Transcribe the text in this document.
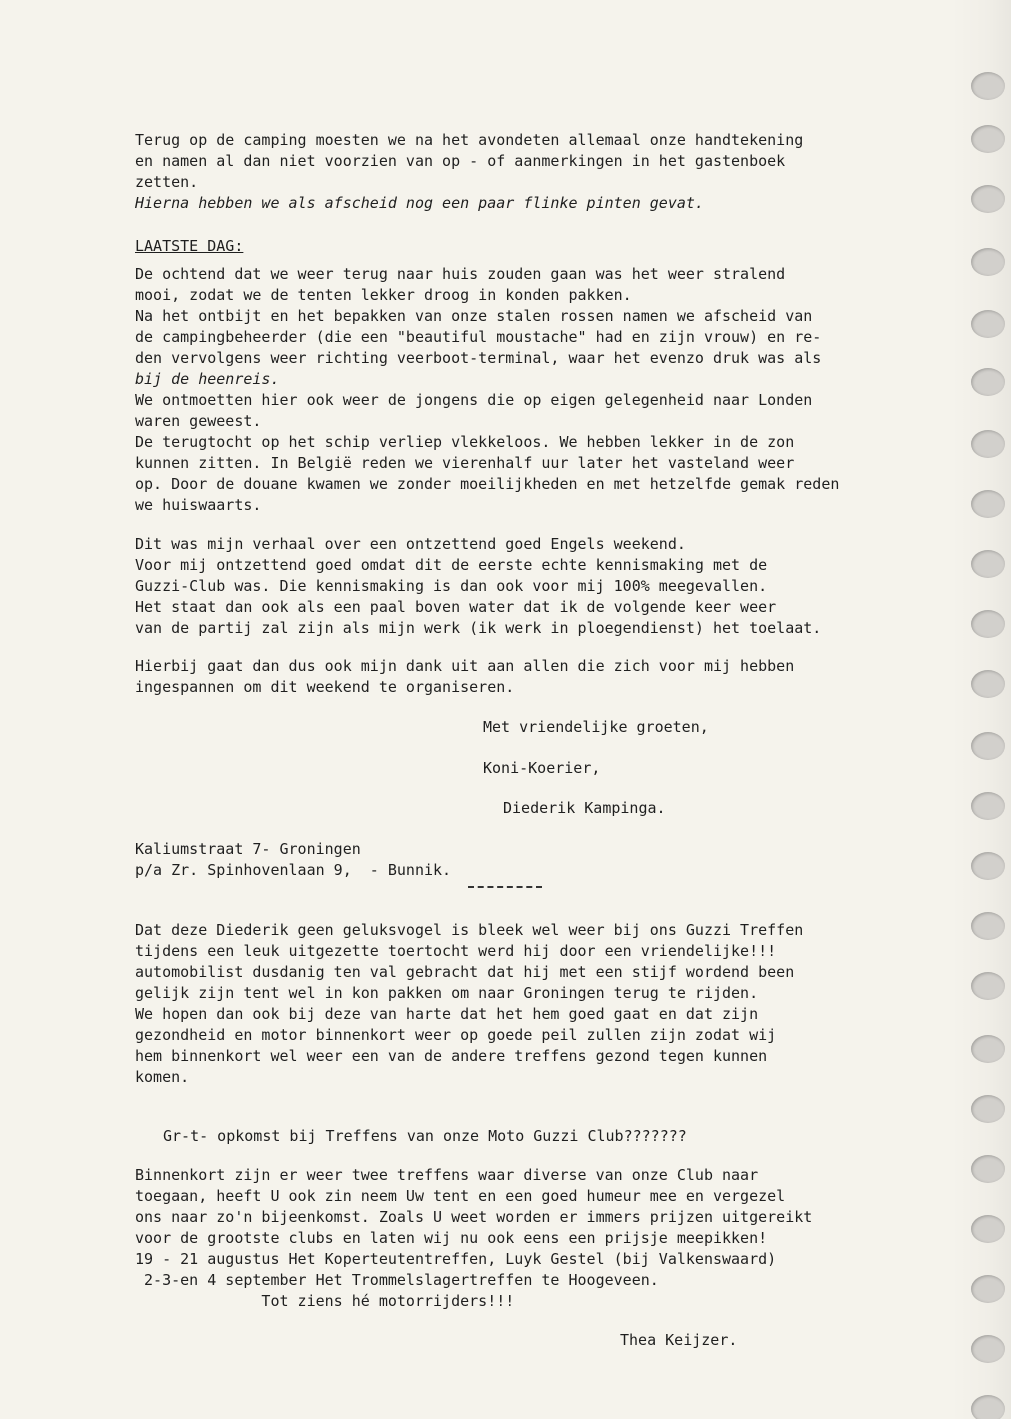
Terug op de camping moesten we na het avondeten allemaal onze handtekening

en namen al dan niet voorzien van op - of aanmerkingen in het gastenboek

zetten.

Hierna hebben we als afscheid nog een paar flinke pinten gevat.

LAATSTE DAG:

De ochtend dat we weer terug naar huis zouden gaan was het weer stralend

mooi, zodat we de tenten lekker droog in konden pakken.

Na het ontbijt en het bepakken van onze stalen rossen namen we afscheid van

de campingbeheerder (die een "beautiful moustache" had en zijn vrouw) en re-

den vervolgens weer richting veerboot-terminal, waar het evenzo druk was als

bij de heenreis.

We ontmoetten hier ook weer de jongens die op eigen gelegenheid naar Londen

waren geweest.

De terugtocht op het schip verliep vlekkeloos. We hebben lekker in de zon

kunnen zitten. In België reden we vierenhalf uur later het vasteland weer

op. Door de douane kwamen we zonder moeilijkheden en met hetzelfde gemak reden

we huiswaarts.

Dit was mijn verhaal over een ontzettend goed Engels weekend.

Voor mij ontzettend goed omdat dit de eerste echte kennismaking met de

Guzzi-Club was. Die kennismaking is dan ook voor mij 100% meegevallen.

Het staat dan ook als een paal boven water dat ik de volgende keer weer

van de partij zal zijn als mijn werk (ik werk in ploegendienst) het toelaat.

Hierbij gaat dan dus ook mijn dank uit aan allen die zich voor mij hebben

ingespannen om dit weekend te organiseren.

Met vriendelijke groeten,

Koni-Koerier,

Diederik Kampinga.

Kaliumstraat 7- Groningen

p/a Zr. Spinhovenlaan 9,  - Bunnik.

Dat deze Diederik geen geluksvogel is bleek wel weer bij ons Guzzi Treffen

tijdens een leuk uitgezette toertocht werd hij door een vriendelijke!!!

automobilist dusdanig ten val gebracht dat hij met een stijf wordend been

gelijk zijn tent wel in kon pakken om naar Groningen terug te rijden.

We hopen dan ook bij deze van harte dat het hem goed gaat en dat zijn

gezondheid en motor binnenkort weer op goede peil zullen zijn zodat wij

hem binnenkort wel weer een van de andere treffens gezond tegen kunnen

komen.

Gr-t- opkomst bij Treffens van onze Moto Guzzi Club???????

Binnenkort zijn er weer twee treffens waar diverse van onze Club naar

toegaan, heeft U ook zin neem Uw tent en een goed humeur mee en vergezel

ons naar zo'n bijeenkomst. Zoals U weet worden er immers prijzen uitgereikt

voor de grootste clubs en laten wij nu ook eens een prijsje meepikken!

19 - 21 augustus Het Koperteutentreffen, Luyk Gestel (bij Valkenswaard)

2-3-en 4 september Het Trommelslagertreffen te Hoogeveen.

Tot ziens hé motorrijders!!!

Thea Keijzer.
